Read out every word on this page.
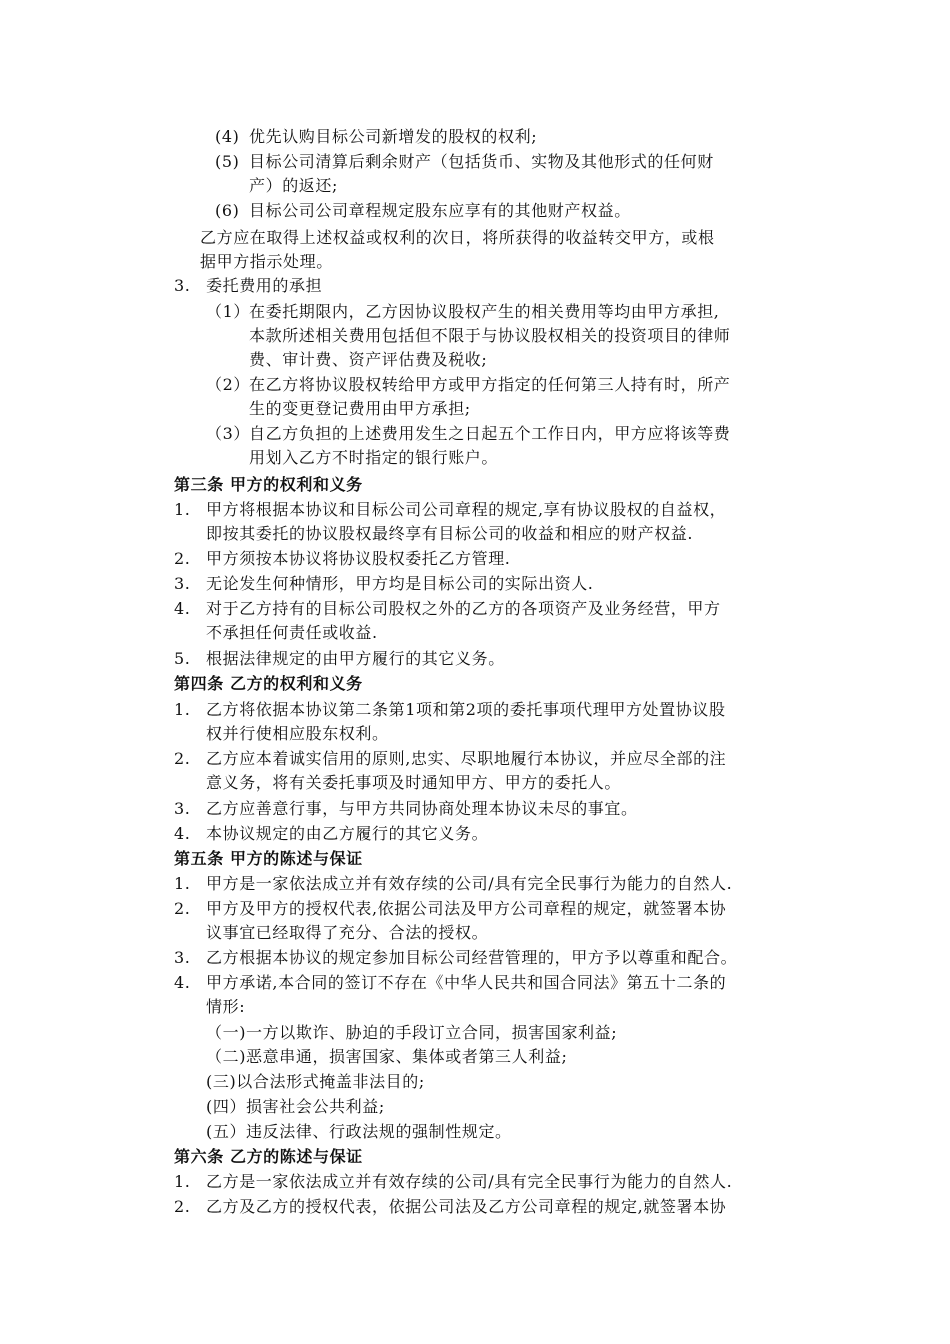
(4) 优先认购目标公司新增发的股权的权利;
(5) 目标公司清算后剩余财产（包括货币、实物及其他形式的任何财
产）的返还;
(6) 目标公司公司章程规定股东应享有的其他财产权益。
乙方应在取得上述权益或权利的次日，将所获得的收益转交甲方，或根
据甲方指示处理。
3. 委托费用的承担
（1） 在委托期限内，乙方因协议股权产生的相关费用等均由甲方承担,
本款所述相关费用包括但不限于与协议股权相关的投资项目的律师
费、审计费、资产评估费及税收;
（2） 在乙方将协议股权转给甲方或甲方指定的任何第三人持有时，所产
生的变更登记费用由甲方承担;
（3） 自乙方负担的上述费用发生之日起五个工作日内，甲方应将该等费
用划入乙方不时指定的银行账户。
第三条 甲方的权利和义务
1. 甲方将根据本协议和目标公司公司章程的规定,享有协议股权的自益权，
即按其委托的协议股权最终享有目标公司的收益和相应的财产权益.
2. 甲方须按本协议将协议股权委托乙方管理.
3. 无论发生何种情形，甲方均是目标公司的实际出资人.
4. 对于乙方持有的目标公司股权之外的乙方的各项资产及业务经营，甲方
不承担任何责任或收益.
5. 根据法律规定的由甲方履行的其它义务。
第四条 乙方的权利和义务
1. 乙方将依据本协议第二条第1项和第2项的委托事项代理甲方处置协议股
权并行使相应股东权利。
2. 乙方应本着诚实信用的原则,忠实、尽职地履行本协议，并应尽全部的注
意义务，将有关委托事项及时通知甲方、甲方的委托人。
3. 乙方应善意行事，与甲方共同协商处理本协议未尽的事宜。
4. 本协议规定的由乙方履行的其它义务。
第五条 甲方的陈述与保证
1. 甲方是一家依法成立并有效存续的公司/具有完全民事行为能力的自然人.
2. 甲方及甲方的授权代表,依据公司法及甲方公司章程的规定，就签署本协
议事宜已经取得了充分、合法的授权。
3. 乙方根据本协议的规定参加目标公司经营管理的，甲方予以尊重和配合。
4. 甲方承诺,本合同的签订不存在《中华人民共和国合同法》第五十二条的
情形:
（一)一方以欺诈、胁迫的手段订立合同，损害国家利益;
（二)恶意串通，损害国家、集体或者第三人利益;
(三)以合法形式掩盖非法目的;
(四）损害社会公共利益;
(五）违反法律、行政法规的强制性规定。
第六条 乙方的陈述与保证
1. 乙方是一家依法成立并有效存续的公司/具有完全民事行为能力的自然人.
2. 乙方及乙方的授权代表，依据公司法及乙方公司章程的规定,就签署本协
